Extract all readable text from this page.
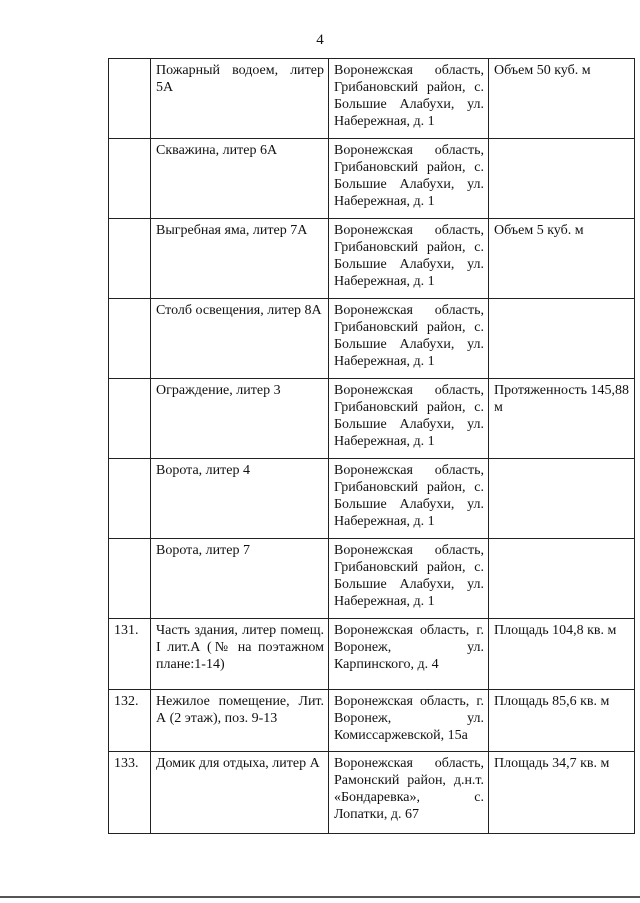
4
	Пожарный водоем, литер 5А	Воронежская область, Грибановский район, с. Большие Алабухи, ул. Набережная, д. 1	Объем 50 куб. м
	Скважина, литер 6А	Воронежская область, Грибановский район, с. Большие Алабухи, ул. Набережная, д. 1	
	Выгребная яма, литер 7А	Воронежская область, Грибановский район, с. Большие Алабухи, ул. Набережная, д. 1	Объем 5 куб. м
	Столб освещения, литер 8А	Воронежская область, Грибановский район, с. Большие Алабухи, ул. Набережная, д. 1	
	Ограждение, литер 3	Воронежская область, Грибановский район, с. Большие Алабухи, ул. Набережная, д. 1	Протяженность 145,88 м
	Ворота, литер 4	Воронежская область, Грибановский район, с. Большие Алабухи, ул. Набережная, д. 1	
	Ворота, литер 7	Воронежская область, Грибановский район, с. Большие Алабухи, ул. Набережная, д. 1	
131.	Часть здания, литер помещ. I лит.А (№ на поэтажном плане:1-14)	Воронежская область, г. Воронеж, ул. Карпинского, д. 4	Площадь 104,8 кв. м
132.	Нежилое помещение, Лит. А (2 этаж), поз. 9-13	Воронежская область, г. Воронеж, ул. Комиссаржевской, 15а	Площадь 85,6 кв. м
133.	Домик для отдыха, литер А	Воронежская область, Рамонский район, д.н.т. «Бондаревка», с. Лопатки, д. 67	Площадь 34,7 кв. м
